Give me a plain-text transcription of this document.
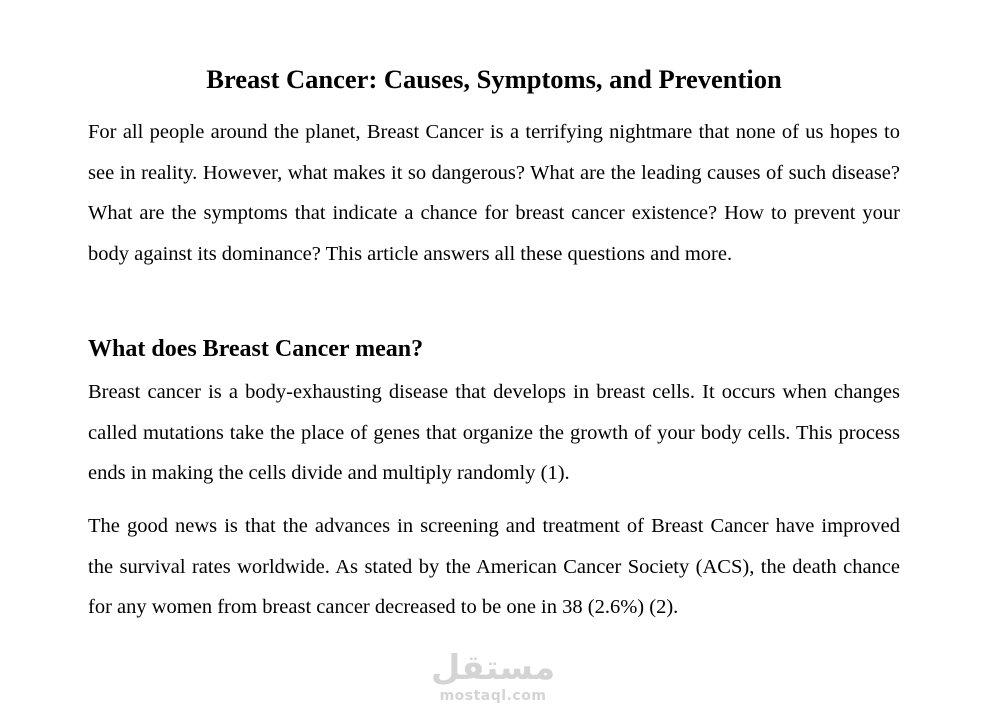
Breast Cancer: Causes, Symptoms, and Prevention

For all people around the planet, Breast Cancer is a terrifying nightmare that none of us hopes to see in reality. However, what makes it so dangerous? What are the leading causes of such disease? What are the symptoms that indicate a chance for breast cancer existence? How to prevent your body against its dominance? This article answers all these questions and more.

What does Breast Cancer mean?

Breast cancer is a body-exhausting disease that develops in breast cells. It occurs when changes called mutations take the place of genes that organize the growth of your body cells. This process ends in making the cells divide and multiply randomly (1).

The good news is that the advances in screening and treatment of Breast Cancer have improved the survival rates worldwide. As stated by the American Cancer Society (ACS), the death chance for any women from breast cancer decreased to be one in 38 (2.6%) (2).

مستقل
mostaql.com
